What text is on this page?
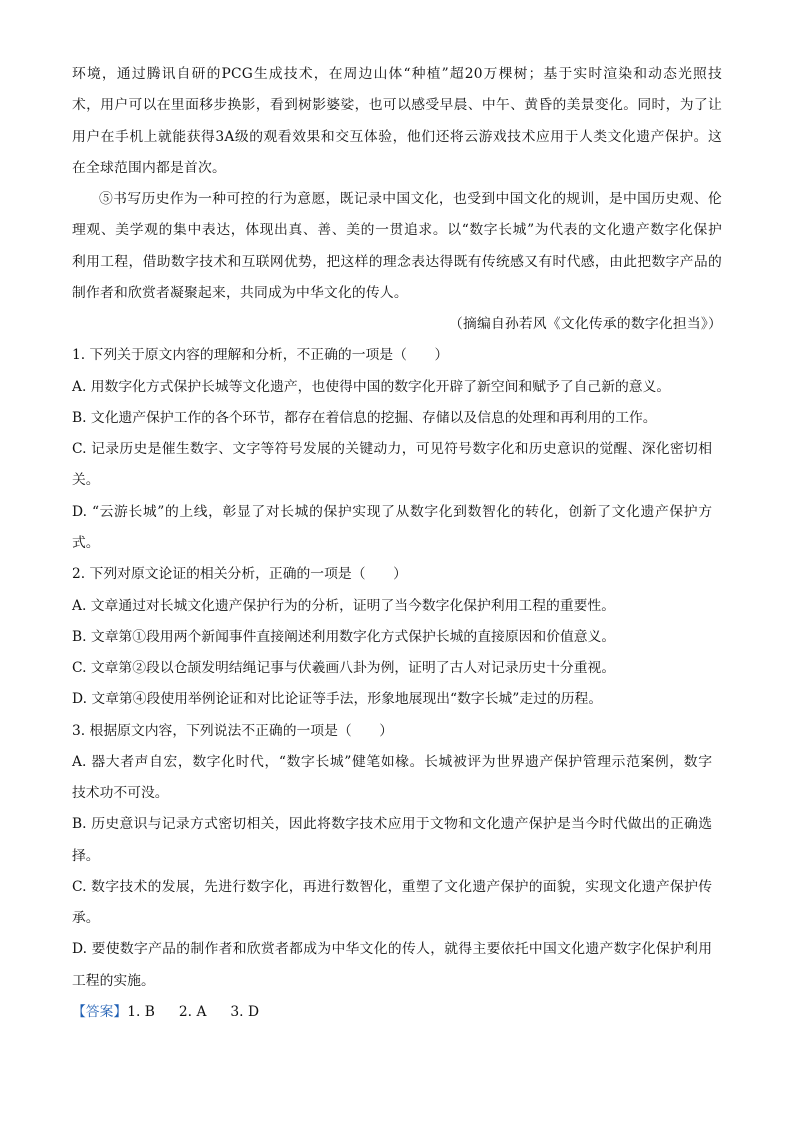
环境，通过腾讯自研的PCG生成技术，在周边山体“种植”超20万棵树；基于实时渲染和动态光照技

术，用户可以在里面移步换影，看到树影婆娑，也可以感受早晨、中午、黄昏的美景变化。同时，为了让

用户在手机上就能获得3A级的观看效果和交互体验，他们还将云游戏技术应用于人类文化遗产保护。这

在全球范围内都是首次。

⑤书写历史作为一种可控的行为意愿，既记录中国文化，也受到中国文化的规训，是中国历史观、伦

理观、美学观的集中表达，体现出真、善、美的一贯追求。以“数字长城”为代表的文化遗产数字化保护

利用工程，借助数字技术和互联网优势，把这样的理念表达得既有传统感又有时代感，由此把数字产品的

制作者和欣赏者凝聚起来，共同成为中华文化的传人。

（摘编自孙若风《文化传承的数字化担当》）

1. 下列关于原文内容的理解和分析，不正确的一项是（　　）

A. 用数字化方式保护长城等文化遗产，也使得中国的数字化开辟了新空间和赋予了自己新的意义。

B. 文化遗产保护工作的各个环节，都存在着信息的挖掘、存储以及信息的处理和再利用的工作。

C. 记录历史是催生数字、文字等符号发展的关键动力，可见符号数字化和历史意识的觉醒、深化密切相

关。

D. “云游长城”的上线，彰显了对长城的保护实现了从数字化到数智化的转化，创新了文化遗产保护方

式。

2. 下列对原文论证的相关分析，正确的一项是（　　）

A. 文章通过对长城文化遗产保护行为的分析，证明了当今数字化保护利用工程的重要性。

B. 文章第①段用两个新闻事件直接阐述利用数字化方式保护长城的直接原因和价值意义。

C. 文章第②段以仓颉发明结绳记事与伏羲画八卦为例，证明了古人对记录历史十分重视。

D. 文章第④段使用举例论证和对比论证等手法，形象地展现出“数字长城”走过的历程。

3. 根据原文内容，下列说法不正确的一项是（　　）

A. 器大者声自宏，数字化时代，“数字长城”健笔如椽。长城被评为世界遗产保护管理示范案例，数字

技术功不可没。

B. 历史意识与记录方式密切相关，因此将数字技术应用于文物和文化遗产保护是当今时代做出的正确选

择。

C. 数字技术的发展，先进行数字化，再进行数智化，重塑了文化遗产保护的面貌，实现文化遗产保护传

承。

D. 要使数字产品的制作者和欣赏者都成为中华文化的传人，就得主要依托中国文化遗产数字化保护利用

工程的实施。

【答案】1. B 2. A 3. D
